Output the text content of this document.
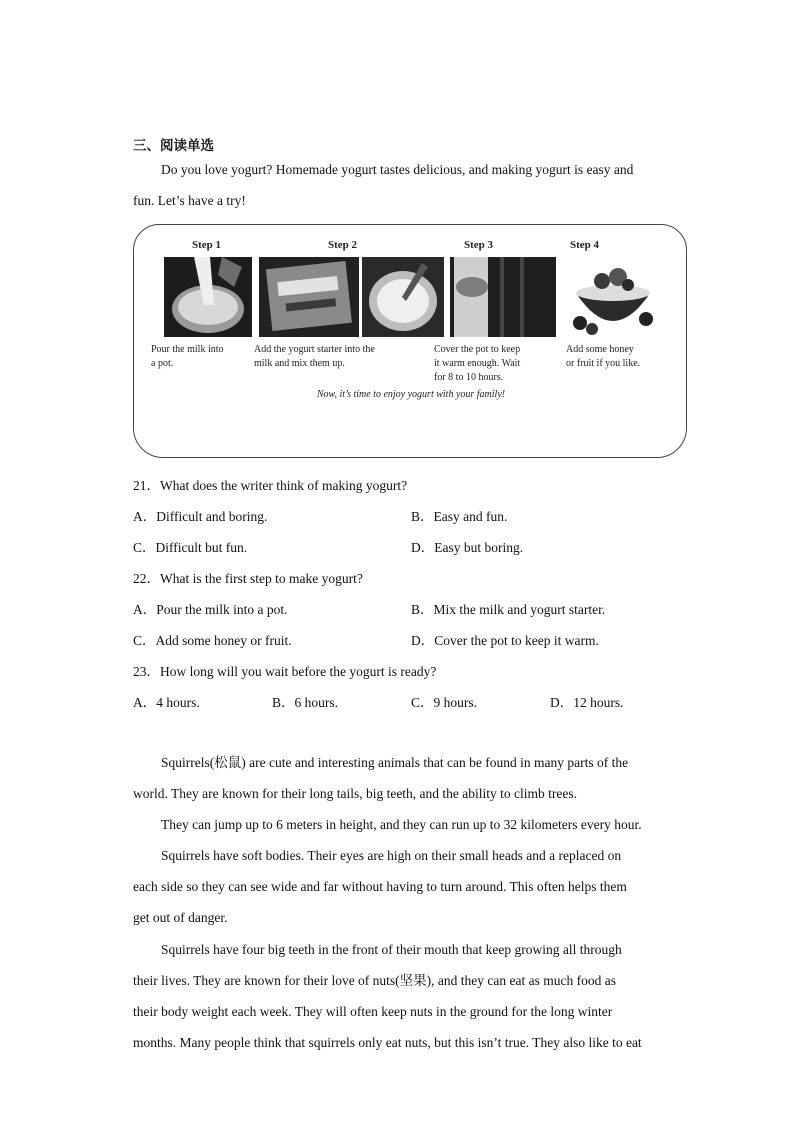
三、阅读单选
Do you love yogurt? Homemade yogurt tastes delicious, and making yogurt is easy and
fun. Let’s have a try!
Step 1	Step 2	Step 3	Step 4
Pour the milk into
a pot.
Add the yogurt starter into the
milk and mix them up.
Cover the pot to keep
it warm enough. Wait
for 8 to 10 hours.
Add some honey
or fruit if you like.
Now, it’s time to enjoy yogurt with your family!
21．What does the writer think of making yogurt?
A．Difficult and boring.	B．Easy and fun.
C．Difficult but fun.	D．Easy but boring.
22．What is the first step to make yogurt?
A．Pour the milk into a pot.	B．Mix the milk and yogurt starter.
C．Add some honey or fruit.	D．Cover the pot to keep it warm.
23．How long will you wait before the yogurt is ready?
A．4 hours.	B．6 hours.	C．9 hours.	D．12 hours.
Squirrels(松鼠) are cute and interesting animals that can be found in many parts of the
world. They are known for their long tails, big teeth, and the ability to climb trees.
They can jump up to 6 meters in height, and they can run up to 32 kilometers every hour.
Squirrels have soft bodies. Their eyes are high on their small heads and a replaced on
each side so they can see wide and far without having to turn around. This often helps them
get out of danger.
Squirrels have four big teeth in the front of their mouth that keep growing all through
their lives. They are known for their love of nuts(坚果), and they can eat as much food as
their body weight each week. They will often keep nuts in the ground for the long winter
months. Many people think that squirrels only eat nuts, but this isn’t true. They also like to eat
